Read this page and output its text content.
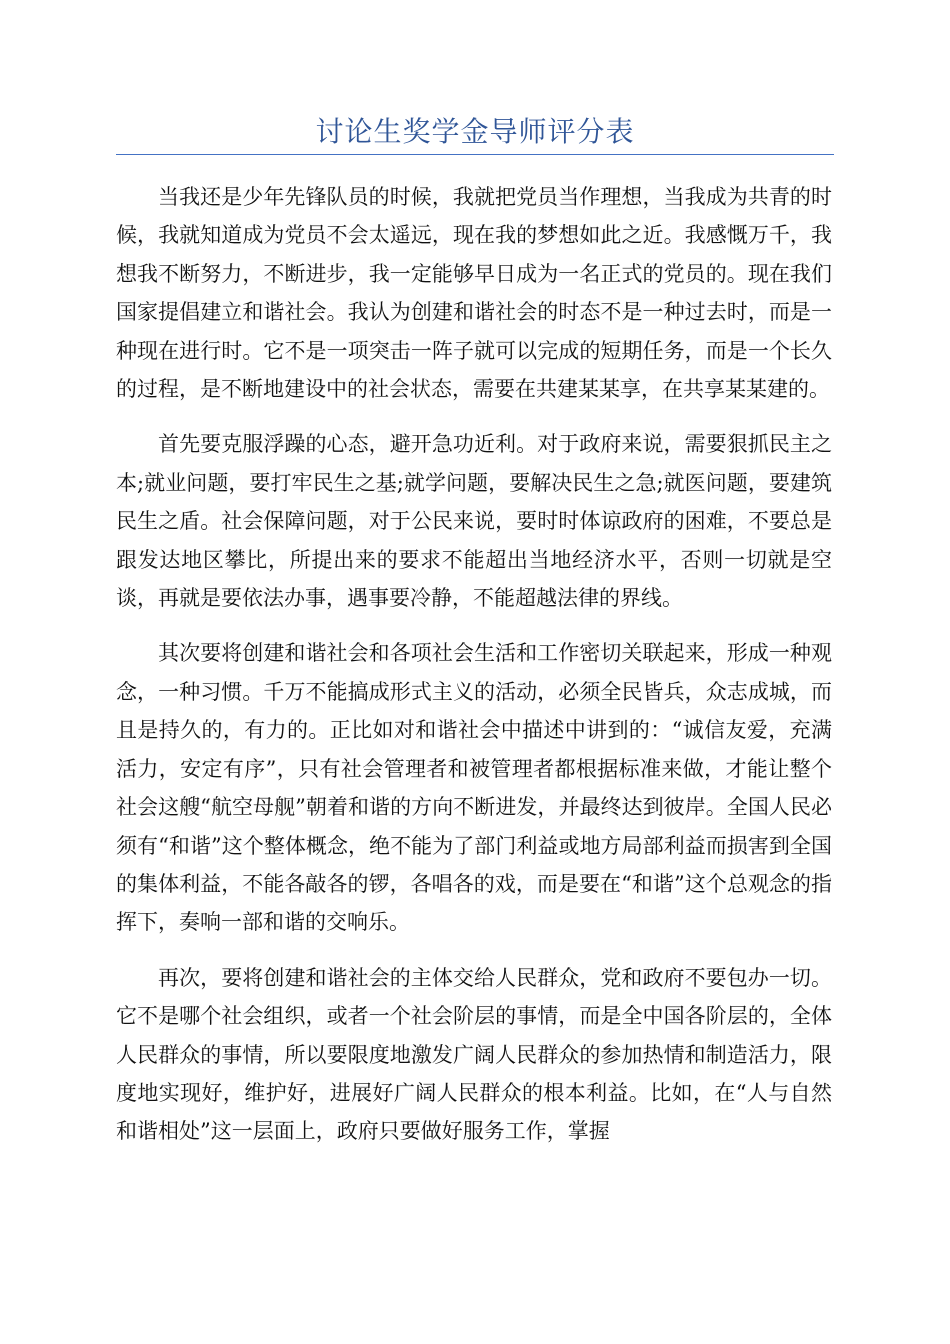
讨论生奖学金导师评分表

当我还是少年先锋队员的时候，我就把党员当作理想，当我成为共青的时候，我就知道成为党员不会太遥远，现在我的梦想如此之近。我感慨万千，我想我不断努力，不断进步，我一定能够早日成为一名正式的党员的。现在我们国家提倡建立和谐社会。我认为创建和谐社会的时态不是一种过去时，而是一种现在进行时。它不是一项突击一阵子就可以完成的短期任务，而是一个长久的过程，是不断地建设中的社会状态，需要在共建某某享，在共享某某建的。

首先要克服浮躁的心态，避开急功近利。对于政府来说，需要狠抓民主之本;就业问题，要打牢民生之基;就学问题，要解决民生之急;就医问题，要建筑民生之盾。社会保障问题，对于公民来说，要时时体谅政府的困难，不要总是跟发达地区攀比，所提出来的要求不能超出当地经济水平，否则一切就是空谈，再就是要依法办事，遇事要冷静，不能超越法律的界线。

其次要将创建和谐社会和各项社会生活和工作密切关联起来，形成一种观念，一种习惯。千万不能搞成形式主义的活动，必须全民皆兵，众志成城，而且是持久的，有力的。正比如对和谐社会中描述中讲到的：“诚信友爱，充满活力，安定有序”，只有社会管理者和被管理者都根据标准来做，才能让整个社会这艘“航空母舰”朝着和谐的方向不断进发，并最终达到彼岸。全国人民必须有“和谐”这个整体概念，绝不能为了部门利益或地方局部利益而损害到全国的集体利益，不能各敲各的锣，各唱各的戏，而是要在“和谐”这个总观念的指挥下，奏响一部和谐的交响乐。

再次，要将创建和谐社会的主体交给人民群众，党和政府不要包办一切。它不是哪个社会组织，或者一个社会阶层的事情，而是全中国各阶层的，全体人民群众的事情，所以要限度地激发广阔人民群众的参加热情和制造活力，限度地实现好，维护好，进展好广阔人民群众的根本利益。比如，在“人与自然和谐相处”这一层面上，政府只要做好服务工作，掌握
